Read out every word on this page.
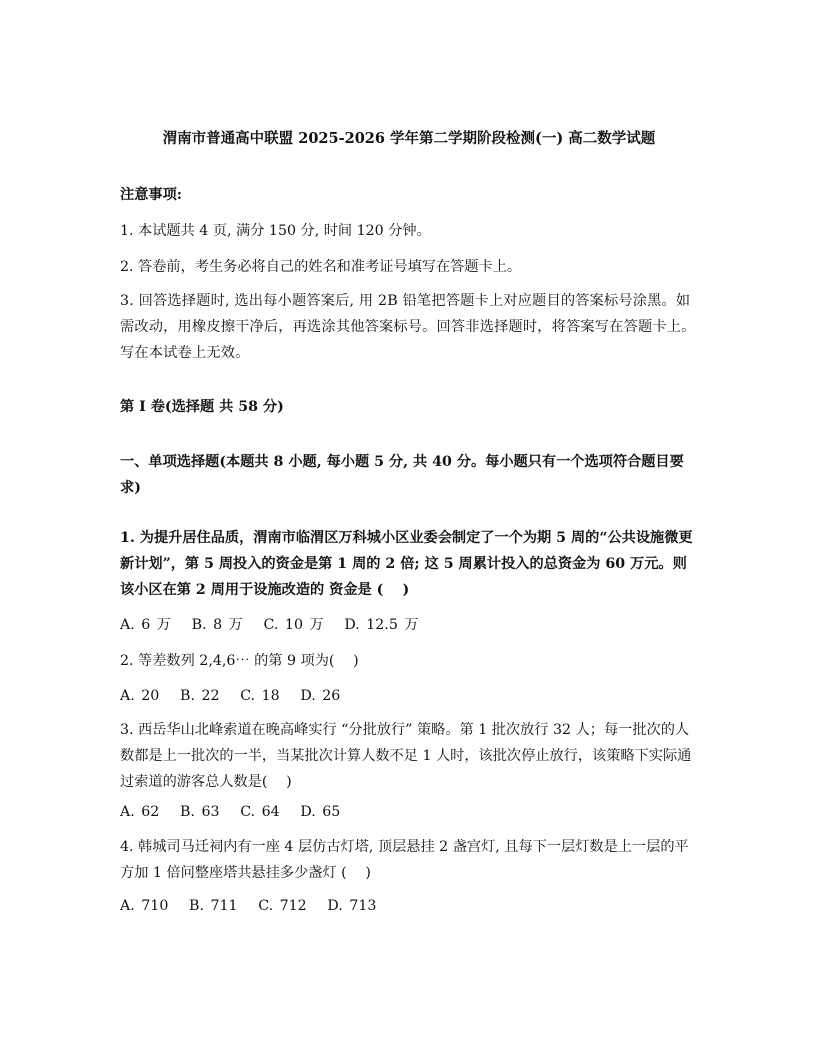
渭南市普通高中联盟 2025-2026 学年第二学期阶段检测(一) 高二数学试题
注意事项:
1. 本试题共 4 页, 满分 150 分, 时间 120 分钟。
2. 答卷前，考生务必将自己的姓名和准考证号填写在答题卡上。
3. 回答选择题时, 选出每小题答案后, 用 2B 铅笔把答题卡上对应题目的答案标号涂黑。如需改动，用橡皮擦干净后，再选涂其他答案标号。回答非选择题时，将答案写在答题卡上。写在本试卷上无效。
第 I 卷(选择题 共 58 分)
一、单项选择题(本题共 8 小题, 每小题 5 分, 共 40 分。每小题只有一个选项符合题目要求)
1. 为提升居住品质，渭南市临渭区万科城小区业委会制定了一个为期 5 周的“公共设施微更新计划”，第 5 周投入的资金是第 1 周的 2 倍; 这 5 周累计投入的总资金为 60 万元。则该小区在第 2 周用于设施改造的 资金是 (　 )
A. 6 万　 B. 8 万　 C. 10 万　 D. 12.5 万
2. 等差数列 2,4,6⋯ 的第 9 项为(　 )
A. 20　 B. 22　 C. 18　 D. 26
3. 西岳华山北峰索道在晚高峰实行 “分批放行” 策略。第 1 批次放行 32 人；每一批次的人数都是上一批次的一半，当某批次计算人数不足 1 人时，该批次停止放行，该策略下实际通过索道的游客总人数是(　 )
A. 62　 B. 63　 C. 64　 D. 65
4. 韩城司马迁祠内有一座 4 层仿古灯塔, 顶层悬挂 2 盏宫灯, 且每下一层灯数是上一层的平方加 1 倍问整座塔共悬挂多少盏灯 (　 )
A. 710　 B. 711　 C. 712　 D. 713
